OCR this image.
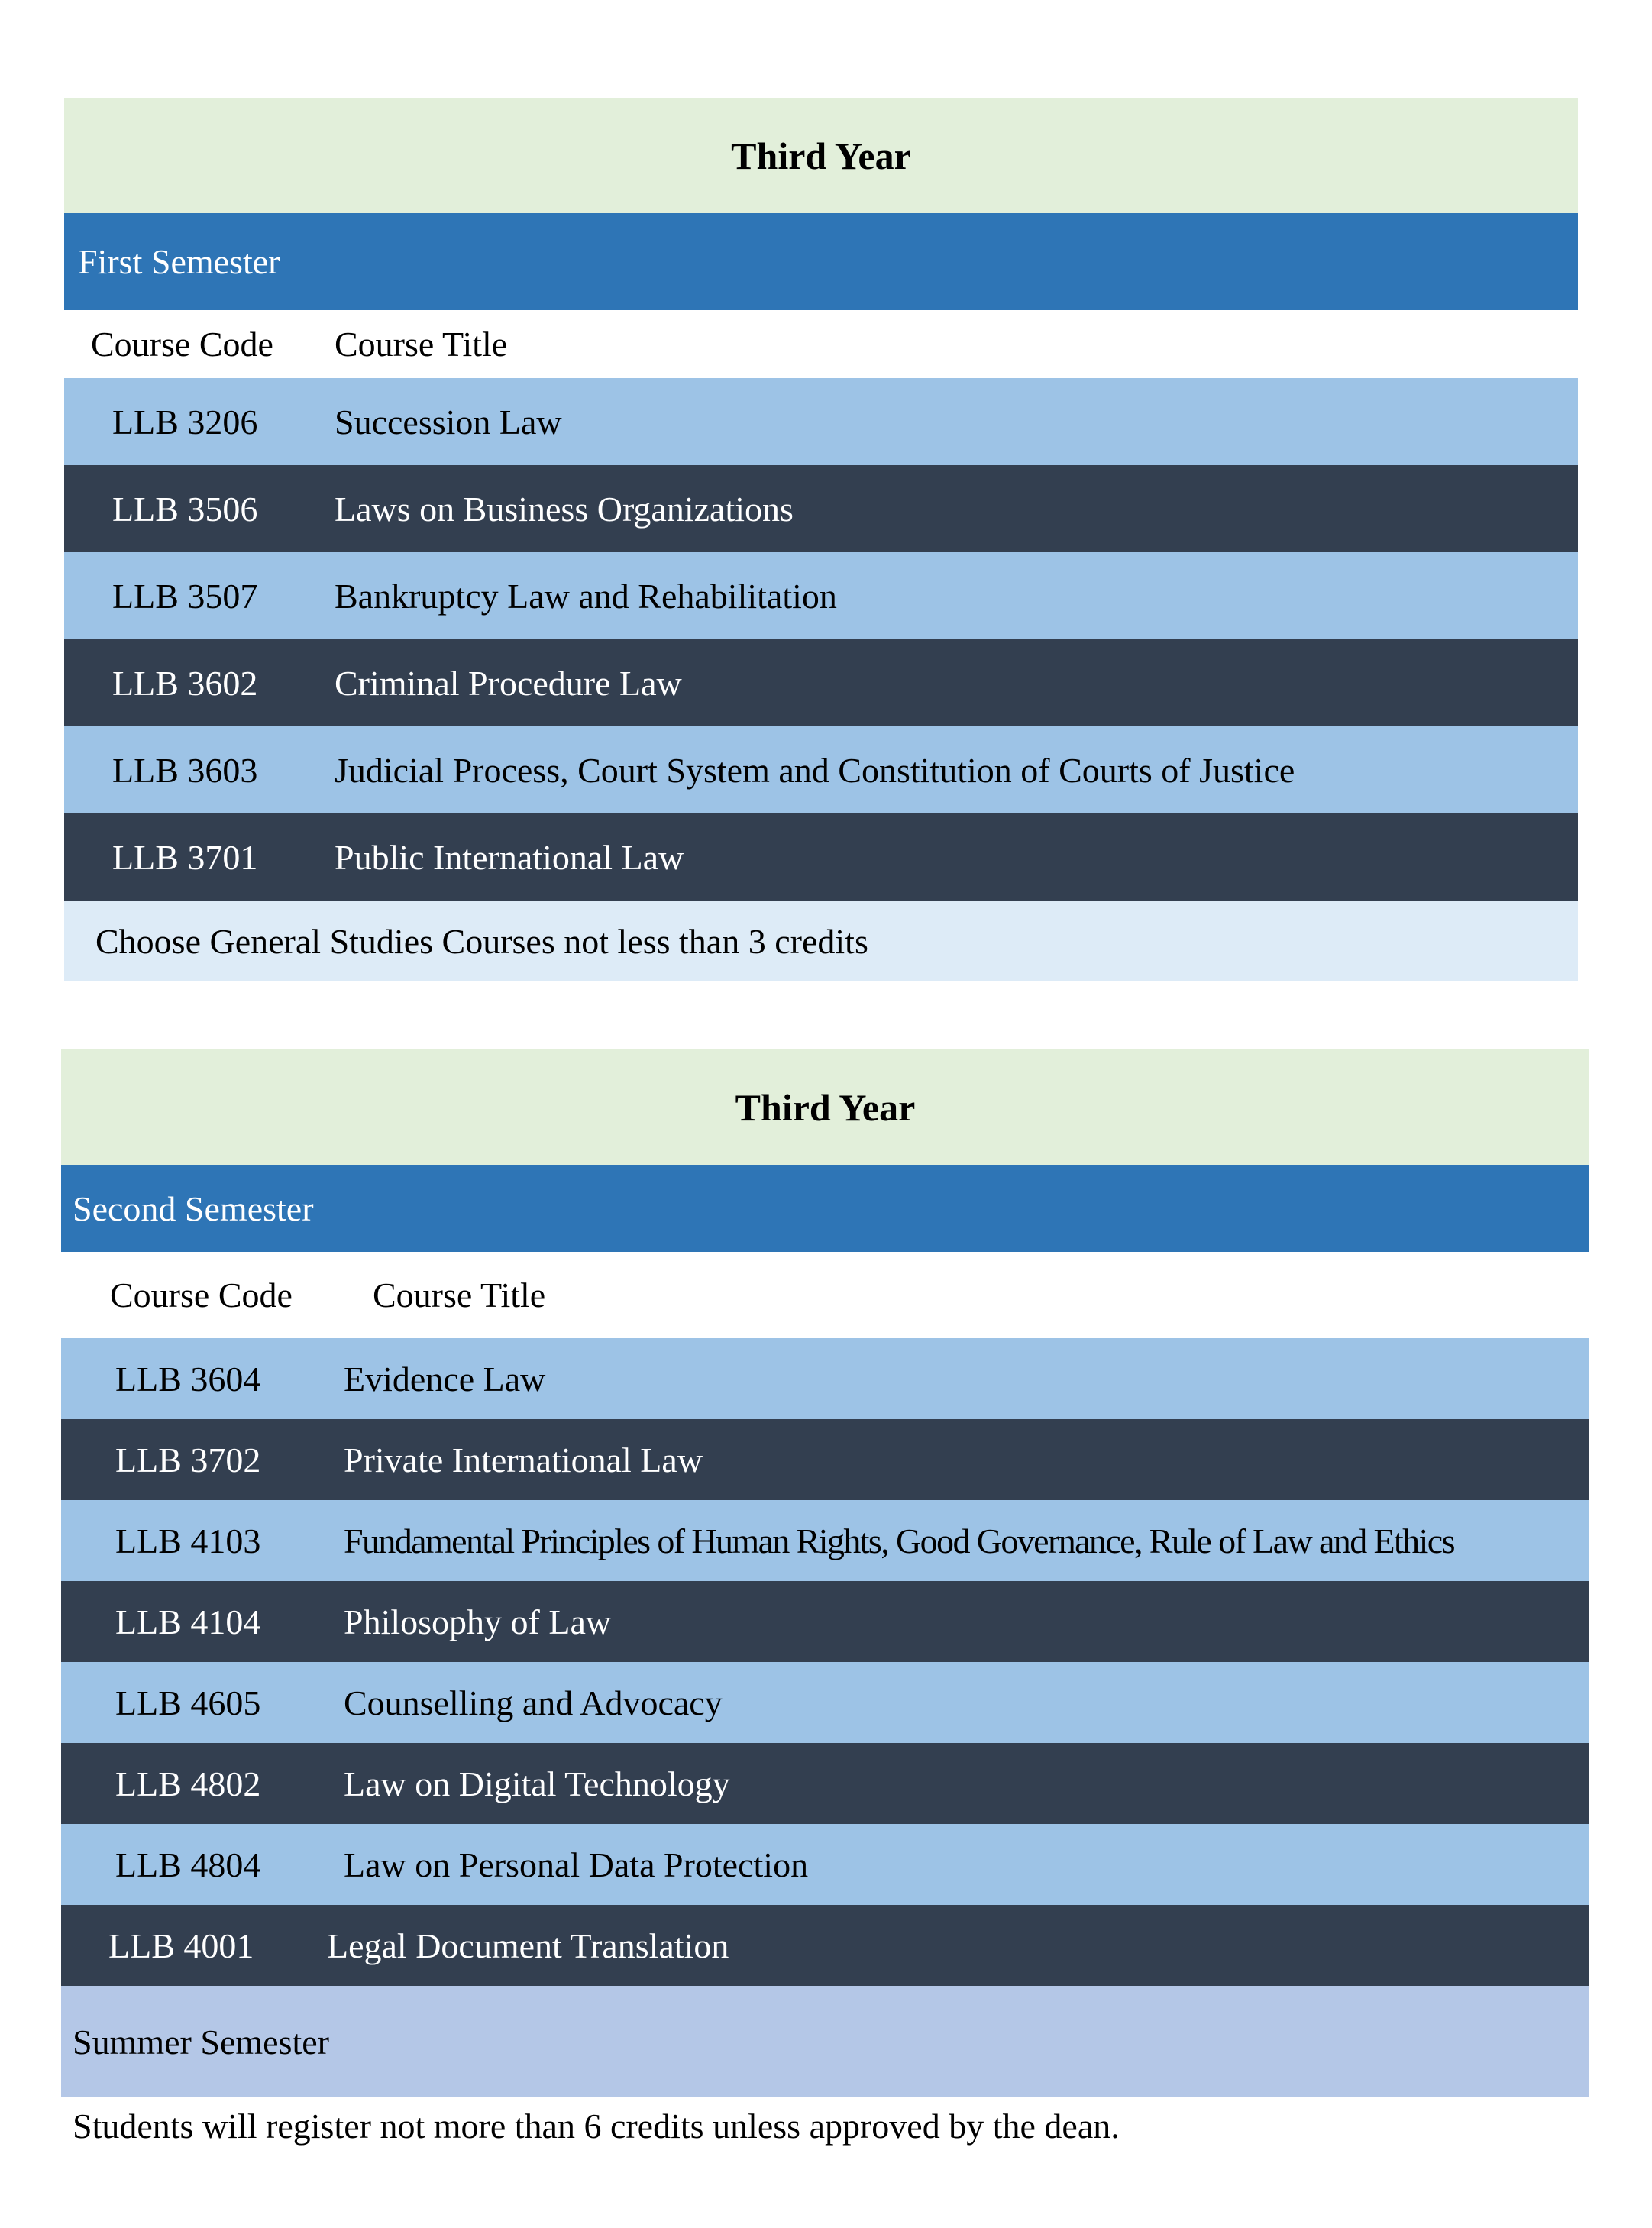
Third Year
First Semester
Course Code Course Title
LLB 3206 Succession Law
LLB 3506 Laws on Business Organizations
LLB 3507 Bankruptcy Law and Rehabilitation
LLB 3602 Criminal Procedure Law
LLB 3603 Judicial Process, Court System and Constitution of Courts of Justice
LLB 3701 Public International Law
Choose General Studies Courses not less than 3 credits
Third Year
Second Semester
Course Code Course Title
LLB 3604 Evidence Law
LLB 3702 Private International Law
LLB 4103 Fundamental Principles of Human Rights, Good Governance, Rule of Law and Ethics
LLB 4104 Philosophy of Law
LLB 4605 Counselling and Advocacy
LLB 4802 Law on Digital Technology
LLB 4804 Law on Personal Data Protection
LLB 4001 Legal Document Translation
Summer Semester
Students will register not more than 6 credits unless approved by the dean.
